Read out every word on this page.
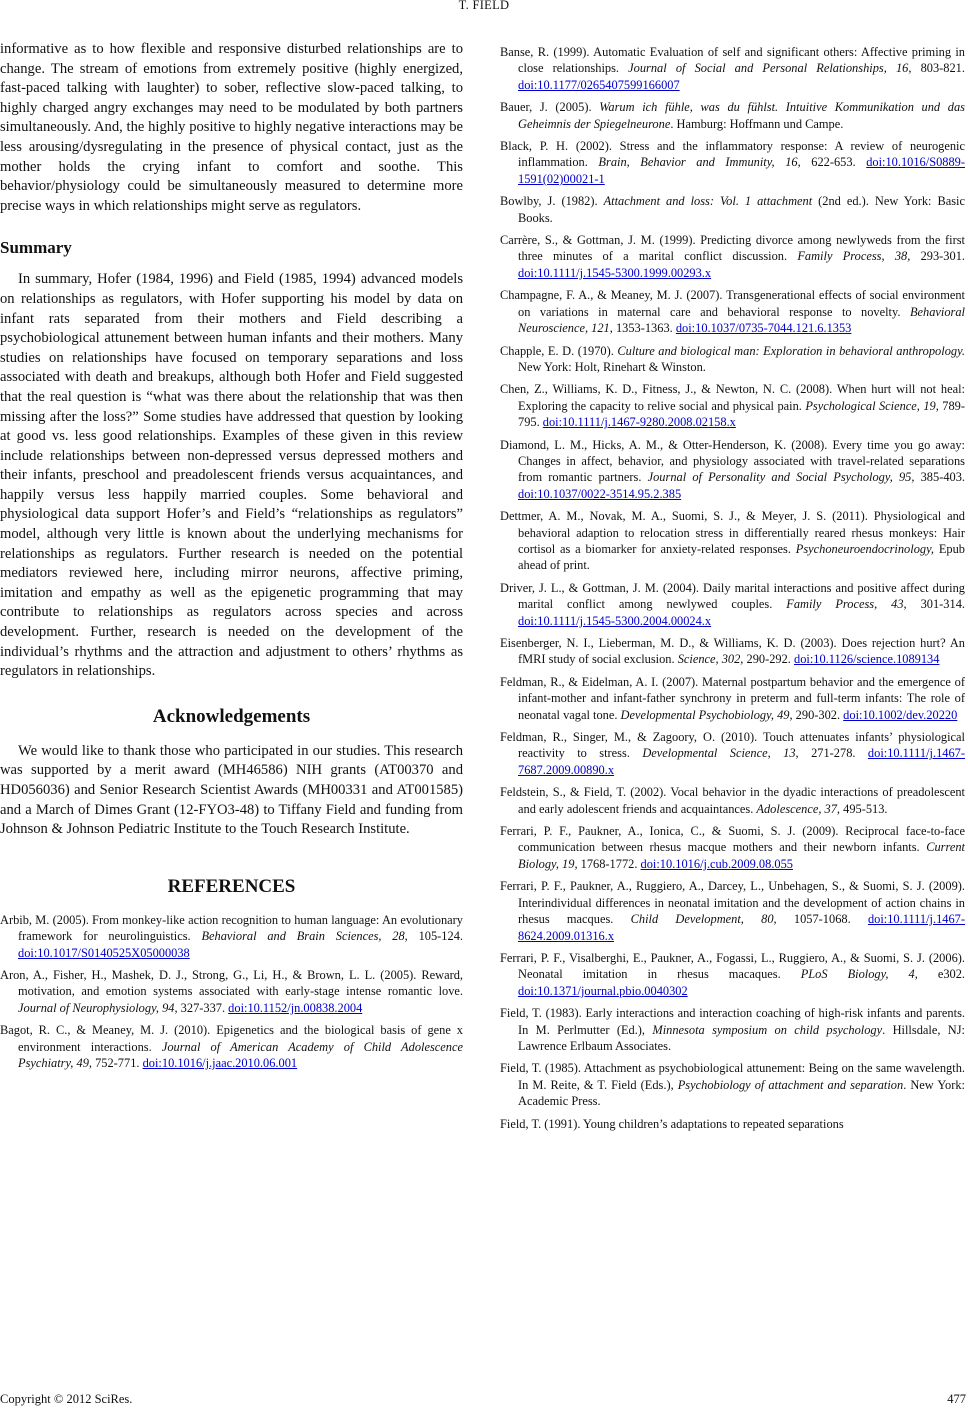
T. FIELD

informative as to how flexible and responsive disturbed relationships are to change. The stream of emotions from extremely positive (highly energized, fast-paced talking with laughter) to sober, reflective slow-paced talking, to highly charged angry exchanges may need to be modulated by both partners simultaneously. And, the highly positive to highly negative interactions may be less arousing/dysregulating in the presence of physical contact, just as the mother holds the crying infant to comfort and soothe. This behavior/physiology could be simultaneously measured to determine more precise ways in which relationships might serve as regulators.

Summary

In summary, Hofer (1984, 1996) and Field (1985, 1994) advanced models on relationships as regulators, with Hofer supporting his model by data on infant rats separated from their mothers and Field describing a psychobiological attunement between human infants and their mothers. Many studies on relationships have focused on temporary separations and loss associated with death and breakups, although both Hofer and Field suggested that the real question is “what was there about the relationship that was then missing after the loss?” Some studies have addressed that question by looking at good vs. less good relationships. Examples of these given in this review include relationships between non-depressed versus depressed mothers and their infants, preschool and preadolescent friends versus acquaintances, and happily versus less happily married couples. Some behavioral and physiological data support Hofer’s and Field’s “relationships as regulators” model, although very little is known about the underlying mechanisms for relationships as regulators. Further research is needed on the potential mediators reviewed here, including mirror neurons, affective priming, imitation and empathy as well as the epigenetic programming that may contribute to relationships as regulators across species and across development. Further, research is needed on the development of the individual’s rhythms and the attraction and adjustment to others’ rhythms as regulators in relationships.

Acknowledgements

We would like to thank those who participated in our studies. This research was supported by a merit award (MH46586) NIH grants (AT00370 and HD056036) and Senior Research Scientist Awards (MH00331 and AT001585) and a March of Dimes Grant (12-FYO3-48) to Tiffany Field and funding from Johnson & Johnson Pediatric Institute to the Touch Research Institute.

REFERENCES

Arbib, M. (2005). From monkey-like action recognition to human language: An evolutionary framework for neurolinguistics. Behavioral and Brain Sciences, 28, 105-124. doi:10.1017/S0140525X05000038

Aron, A., Fisher, H., Mashek, D. J., Strong, G., Li, H., & Brown, L. L. (2005). Reward, motivation, and emotion systems associated with early-stage intense romantic love. Journal of Neurophysiology, 94, 327-337. doi:10.1152/jn.00838.2004

Bagot, R. C., & Meaney, M. J. (2010). Epigenetics and the biological basis of gene x environment interactions. Journal of American Academy of Child Adolescence Psychiatry, 49, 752-771. doi:10.1016/j.jaac.2010.06.001

Banse, R. (1999). Automatic Evaluation of self and significant others: Affective priming in close relationships. Journal of Social and Personal Relationships, 16, 803-821. doi:10.1177/0265407599166007

Bauer, J. (2005). Warum ich fühle, was du fühlst. Intuitive Kommunikation und das Geheimnis der Spiegelneurone. Hamburg: Hoffmann und Campe.

Black, P. H. (2002). Stress and the inflammatory response: A review of neurogenic inflammation. Brain, Behavior and Immunity, 16, 622-653. doi:10.1016/S0889-1591(02)00021-1

Bowlby, J. (1982). Attachment and loss: Vol. 1 attachment (2nd ed.). New York: Basic Books.

Carrère, S., & Gottman, J. M. (1999). Predicting divorce among newlyweds from the first three minutes of a marital conflict discussion. Family Process, 38, 293-301. doi:10.1111/j.1545-5300.1999.00293.x

Champagne, F. A., & Meaney, M. J. (2007). Transgenerational effects of social environment on variations in maternal care and behavioral response to novelty. Behavioral Neuroscience, 121, 1353-1363. doi:10.1037/0735-7044.121.6.1353

Chapple, E. D. (1970). Culture and biological man: Exploration in behavioral anthropology. New York: Holt, Rinehart & Winston.

Chen, Z., Williams, K. D., Fitness, J., & Newton, N. C. (2008). When hurt will not heal: Exploring the capacity to relive social and physical pain. Psychological Science, 19, 789-795. doi:10.1111/j.1467-9280.2008.02158.x

Diamond, L. M., Hicks, A. M., & Otter-Henderson, K. (2008). Every time you go away: Changes in affect, behavior, and physiology associated with travel-related separations from romantic partners. Journal of Personality and Social Psychology, 95, 385-403. doi:10.1037/0022-3514.95.2.385

Dettmer, A. M., Novak, M. A., Suomi, S. J., & Meyer, J. S. (2011). Physiological and behavioral adaption to relocation stress in differentially reared rhesus monkeys: Hair cortisol as a biomarker for anxiety-related responses. Psychoneuroendocrinology, Epub ahead of print.

Driver, J. L., & Gottman, J. M. (2004). Daily marital interactions and positive affect during marital conflict among newlywed couples. Family Process, 43, 301-314. doi:10.1111/j.1545-5300.2004.00024.x

Eisenberger, N. I., Lieberman, M. D., & Williams, K. D. (2003). Does rejection hurt? An fMRI study of social exclusion. Science, 302, 290-292. doi:10.1126/science.1089134

Feldman, R., & Eidelman, A. I. (2007). Maternal postpartum behavior and the emergence of infant-mother and infant-father synchrony in preterm and full-term infants: The role of neonatal vagal tone. Developmental Psychobiology, 49, 290-302. doi:10.1002/dev.20220

Feldman, R., Singer, M., & Zagoory, O. (2010). Touch attenuates infants’ physiological reactivity to stress. Developmental Science, 13, 271-278. doi:10.1111/j.1467-7687.2009.00890.x

Feldstein, S., & Field, T. (2002). Vocal behavior in the dyadic interactions of preadolescent and early adolescent friends and acquaintances. Adolescence, 37, 495-513.

Ferrari, P. F., Paukner, A., Ionica, C., & Suomi, S. J. (2009). Reciprocal face-to-face communication between rhesus macque mothers and their newborn infants. Current Biology, 19, 1768-1772. doi:10.1016/j.cub.2009.08.055

Ferrari, P. F., Paukner, A., Ruggiero, A., Darcey, L., Unbehagen, S., & Suomi, S. J. (2009). Interindividual differences in neonatal imitation and the development of action chains in rhesus macques. Child Development, 80, 1057-1068. doi:10.1111/j.1467-8624.2009.01316.x

Ferrari, P. F., Visalberghi, E., Paukner, A., Fogassi, L., Ruggiero, A., & Suomi, S. J. (2006). Neonatal imitation in rhesus macaques. PLoS Biology, 4, e302. doi:10.1371/journal.pbio.0040302

Field, T. (1983). Early interactions and interaction coaching of high-risk infants and parents. In M. Perlmutter (Ed.), Minnesota symposium on child psychology. Hillsdale, NJ: Lawrence Erlbaum Associates.

Field, T. (1985). Attachment as psychobiological attunement: Being on the same wavelength. In M. Reite, & T. Field (Eds.), Psychobiology of attachment and separation. New York: Academic Press.

Field, T. (1991). Young children’s adaptations to repeated separations

Copyright © 2012 SciRes.	477
